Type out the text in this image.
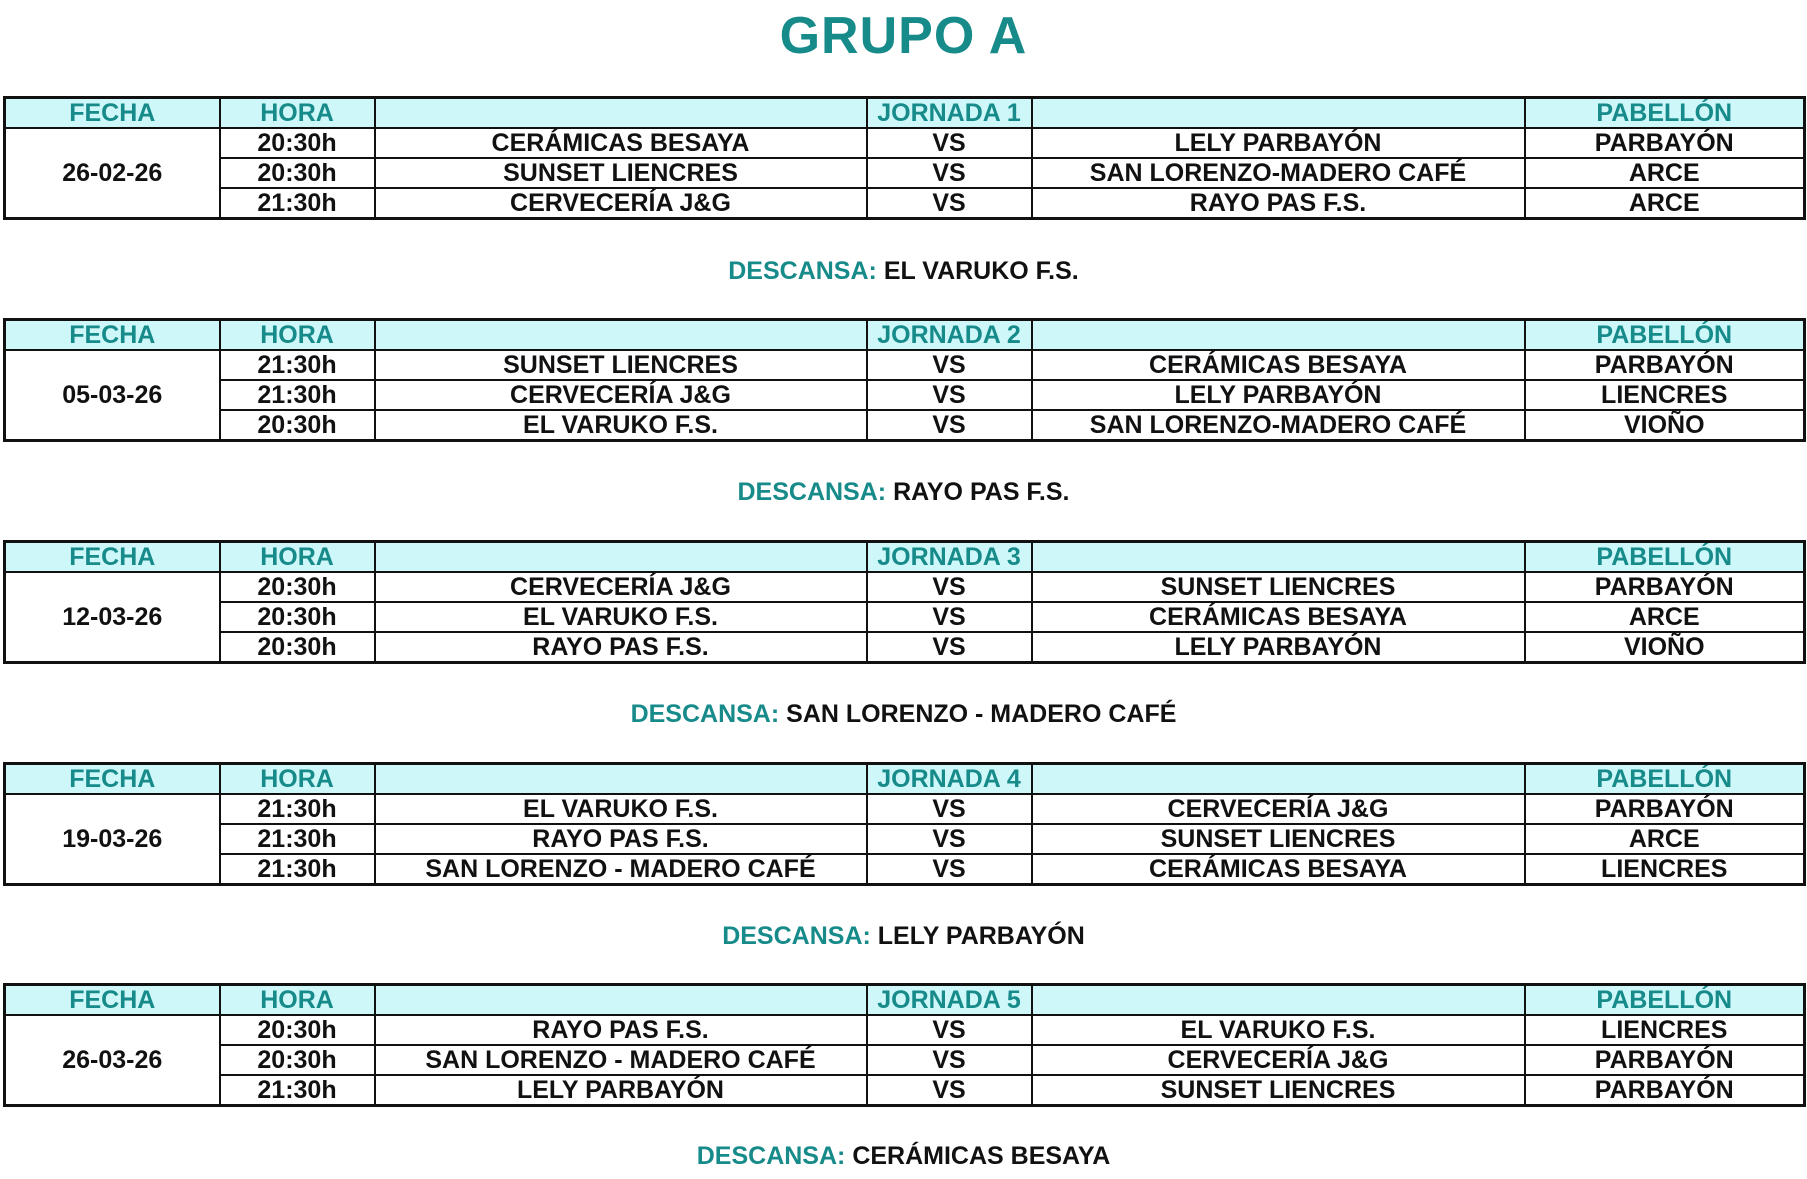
GRUPO A
FECHA	HORA		JORNADA 1		PABELLÓN
26-02-26	20:30h	CERÁMICAS BESAYA	VS	LELY PARBAYÓN	PARBAYÓN
	20:30h	SUNSET LIENCRES	VS	SAN LORENZO-MADERO CAFÉ	ARCE
	21:30h	CERVECERÍA J&G	VS	RAYO PAS F.S.	ARCE
DESCANSA: EL VARUKO F.S.
FECHA	HORA		JORNADA 2		PABELLÓN
05-03-26	21:30h	SUNSET LIENCRES	VS	CERÁMICAS BESAYA	PARBAYÓN
	21:30h	CERVECERÍA J&G	VS	LELY PARBAYÓN	LIENCRES
	20:30h	EL VARUKO F.S.	VS	SAN LORENZO-MADERO CAFÉ	VIOÑO
DESCANSA: RAYO PAS F.S.
FECHA	HORA		JORNADA 3		PABELLÓN
12-03-26	20:30h	CERVECERÍA J&G	VS	SUNSET LIENCRES	PARBAYÓN
	20:30h	EL VARUKO F.S.	VS	CERÁMICAS BESAYA	ARCE
	20:30h	RAYO PAS F.S.	VS	LELY PARBAYÓN	VIOÑO
DESCANSA: SAN LORENZO - MADERO CAFÉ
FECHA	HORA		JORNADA 4		PABELLÓN
19-03-26	21:30h	EL VARUKO F.S.	VS	CERVECERÍA J&G	PARBAYÓN
	21:30h	RAYO PAS F.S.	VS	SUNSET LIENCRES	ARCE
	21:30h	SAN LORENZO - MADERO CAFÉ	VS	CERÁMICAS BESAYA	LIENCRES
DESCANSA: LELY PARBAYÓN
FECHA	HORA		JORNADA 5		PABELLÓN
26-03-26	20:30h	RAYO PAS F.S.	VS	EL VARUKO F.S.	LIENCRES
	20:30h	SAN LORENZO - MADERO CAFÉ	VS	CERVECERÍA J&G	PARBAYÓN
	21:30h	LELY PARBAYÓN	VS	SUNSET LIENCRES	PARBAYÓN
DESCANSA: CERÁMICAS BESAYA
